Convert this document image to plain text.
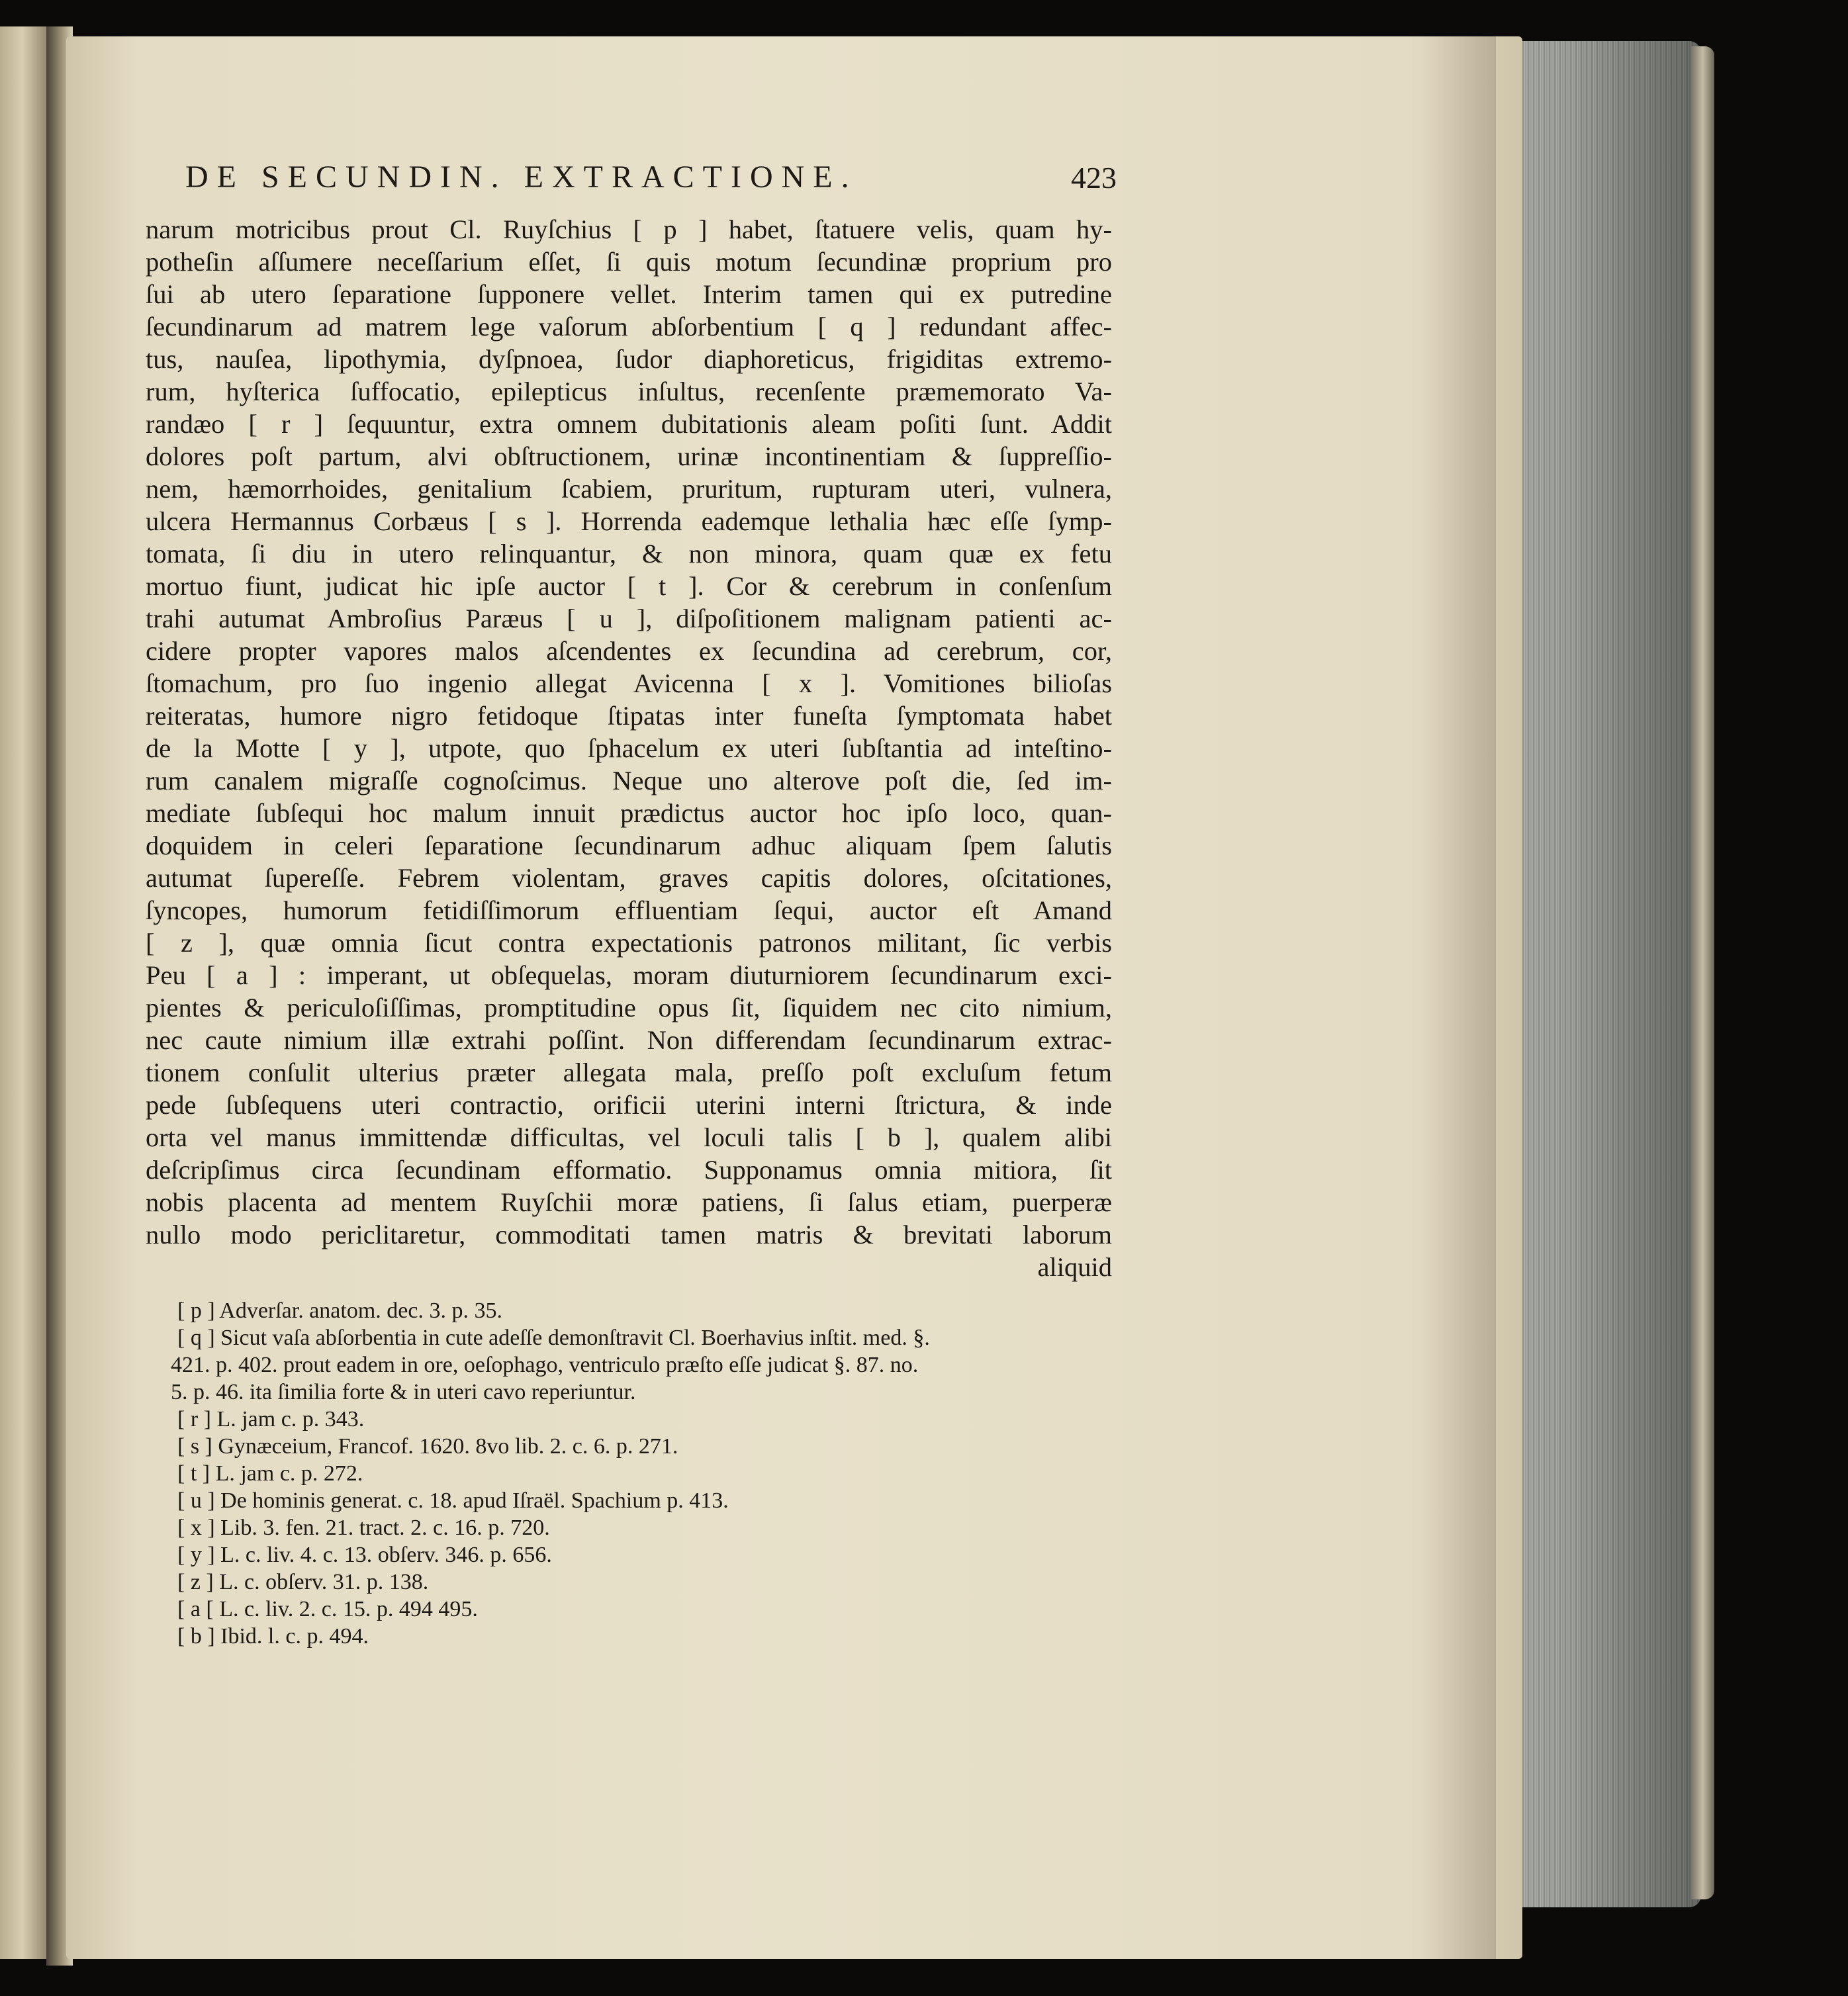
DE SECUNDIN. EXTRACTIONE.	423
narum motricibus prout Cl. Ruyſchius [ p ] habet, ſtatuere velis, quam hy-
potheſin aſſumere neceſſarium eſſet, ſi quis motum ſecundinæ proprium pro
ſui ab utero ſeparatione ſupponere vellet. Interim tamen qui ex putredine
ſecundinarum ad matrem lege vaſorum abſorbentium [ q ] redundant affec-
tus, nauſea, lipothymia, dyſpnoea, ſudor diaphoreticus, frigiditas extremo-
rum, hyſterica ſuffocatio, epilepticus inſultus, recenſente præmemorato Va-
randæo [ r ] ſequuntur, extra omnem dubitationis aleam poſiti ſunt. Addit
dolores poſt partum, alvi obſtructionem, urinæ incontinentiam & ſuppreſſio-
nem, hæmorrhoides, genitalium ſcabiem, pruritum, rupturam uteri, vulnera,
ulcera Hermannus Corbæus [ s ]. Horrenda eademque lethalia hæc eſſe ſymp-
tomata, ſi diu in utero relinquantur, & non minora, quam quæ ex fetu
mortuo fiunt, judicat hic ipſe auctor [ t ]. Cor & cerebrum in conſenſum
trahi autumat Ambroſius Paræus [ u ], diſpoſitionem malignam patienti ac-
cidere propter vapores malos aſcendentes ex ſecundina ad cerebrum, cor,
ſtomachum, pro ſuo ingenio allegat Avicenna [ x ]. Vomitiones bilioſas
reiteratas, humore nigro fetidoque ſtipatas inter funeſta ſymptomata habet
de la Motte [ y ], utpote, quo ſphacelum ex uteri ſubſtantia ad inteſtino-
rum canalem migraſſe cognoſcimus. Neque uno alterove poſt die, ſed im-
mediate ſubſequi hoc malum innuit prædictus auctor hoc ipſo loco, quan-
doquidem in celeri ſeparatione ſecundinarum adhuc aliquam ſpem ſalutis
autumat ſupereſſe. Febrem violentam, graves capitis dolores, oſcitationes,
ſyncopes, humorum fetidiſſimorum effluentiam ſequi, auctor eſt Amand
[ z ], quæ omnia ſicut contra expectationis patronos militant, ſic verbis
Peu [ a ] : imperant, ut obſequelas, moram diuturniorem ſecundinarum exci-
pientes & periculoſiſſimas, promptitudine opus ſit, ſiquidem nec cito nimium,
nec caute nimium illæ extrahi poſſint. Non differendam ſecundinarum extrac-
tionem conſulit ulterius præter allegata mala, preſſo poſt excluſum fetum
pede ſubſequens uteri contractio, orificii uterini interni ſtrictura, & inde
orta vel manus immittendæ difficultas, vel loculi talis [ b ], qualem alibi
deſcripſimus circa ſecundinam efformatio. Supponamus omnia mitiora, ſit
nobis placenta ad mentem Ruyſchii moræ patiens, ſi ſalus etiam, puerperæ
nullo modo periclitaretur, commoditati tamen matris & brevitati laborum
aliquid
[ p ] Adverſar. anatom. dec. 3. p. 35.
[ q ] Sicut vaſa abſorbentia in cute adeſſe demonſtravit Cl. Boerhavius inſtit. med. §.
421. p. 402. prout eadem in ore, oeſophago, ventriculo præſto eſſe judicat §. 87. no.
5. p. 46. ita ſimilia forte & in uteri cavo reperiuntur.
[ r ] L. jam c. p. 343.
[ s ] Gynæceium, Francof. 1620. 8vo lib. 2. c. 6. p. 271.
[ t ] L. jam c. p. 272.
[ u ] De hominis generat. c. 18. apud Iſraël. Spachium p. 413.
[ x ] Lib. 3. fen. 21. tract. 2. c. 16. p. 720.
[ y ] L. c. liv. 4. c. 13. obſerv. 346. p. 656.
[ z ] L. c. obſerv. 31. p. 138.
[ a [ L. c. liv. 2. c. 15. p. 494 495.
[ b ] Ibid. l. c. p. 494.
